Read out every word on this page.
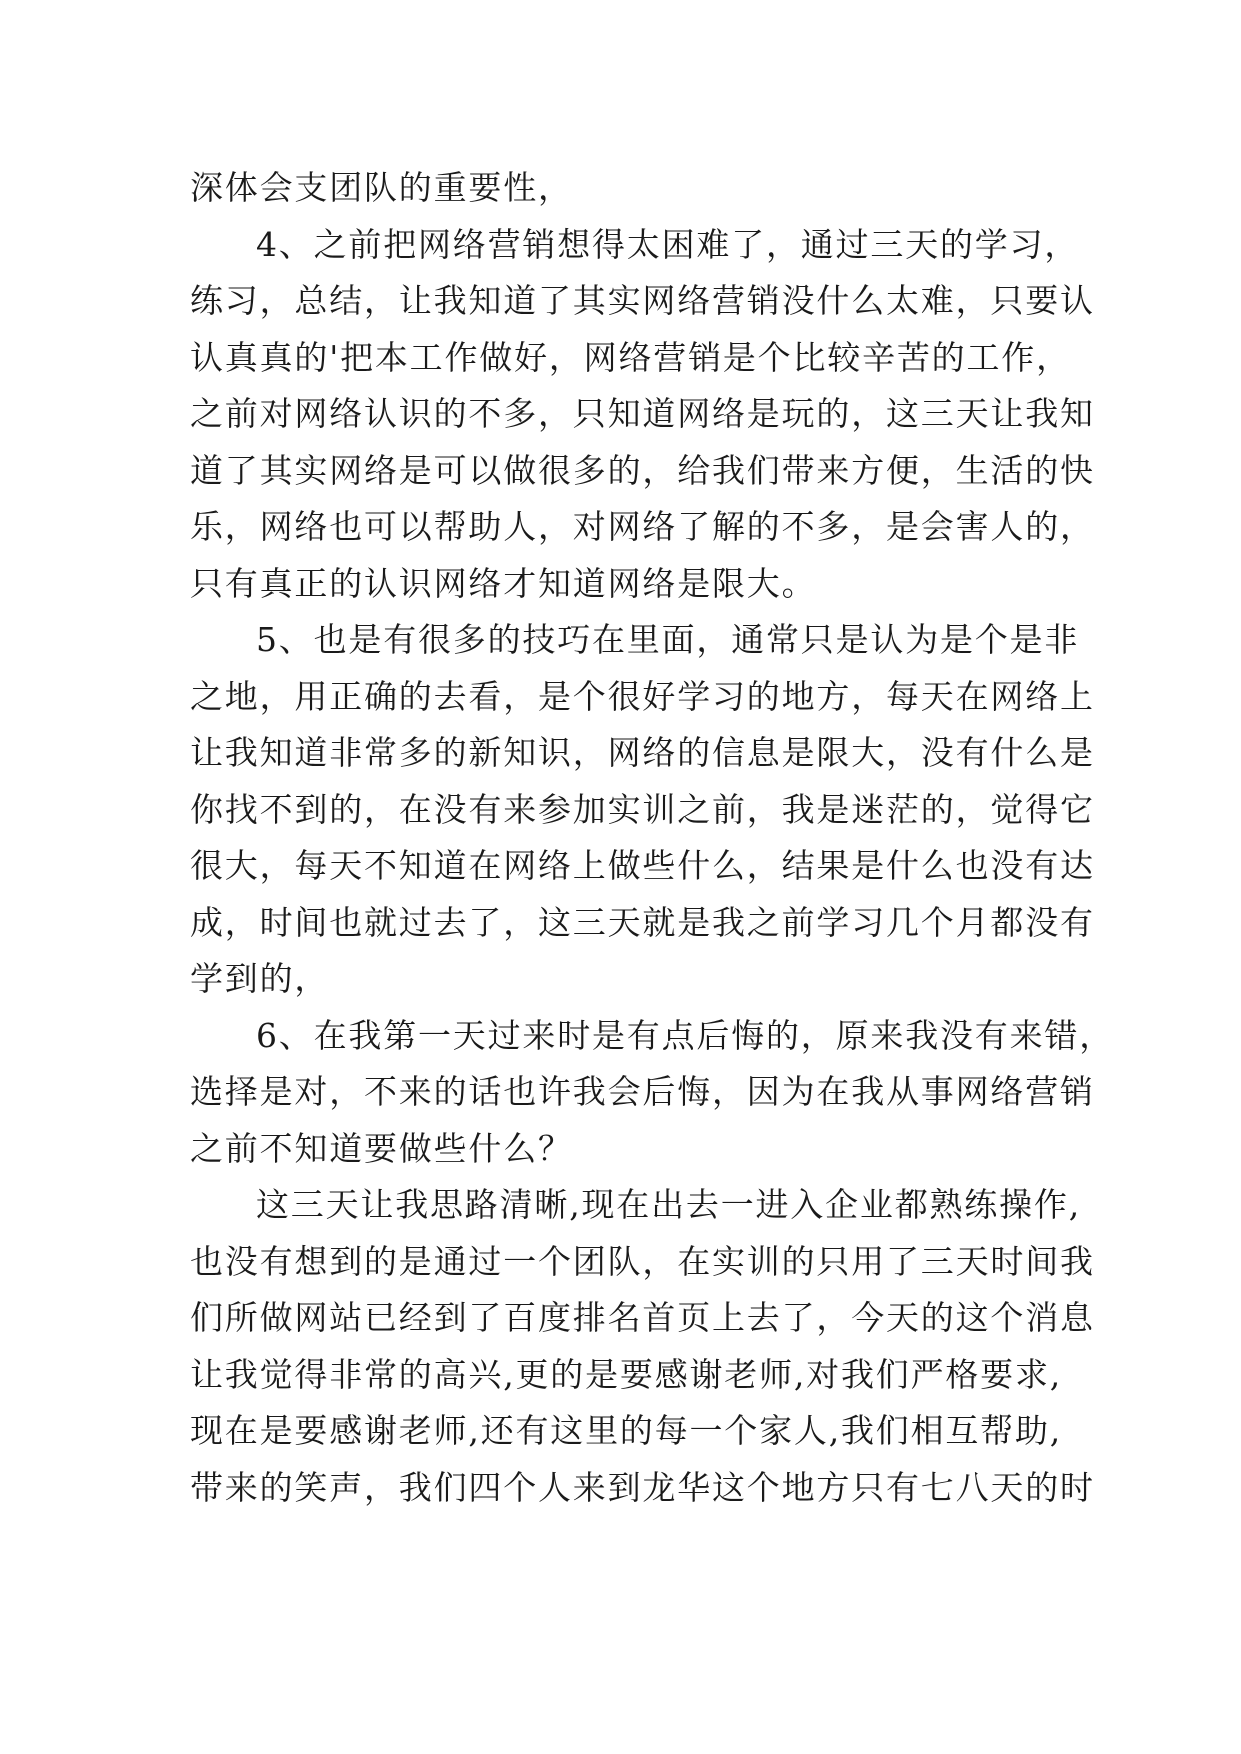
深体会支团队的重要性，
4、之前把网络营销想得太困难了，通过三天的学习，
练习，总结，让我知道了其实网络营销没什么太难，只要认
认真真的'把本工作做好，网络营销是个比较辛苦的工作，
之前对网络认识的不多，只知道网络是玩的，这三天让我知
道了其实网络是可以做很多的，给我们带来方便，生活的快
乐，网络也可以帮助人，对网络了解的不多，是会害人的，
只有真正的认识网络才知道网络是限大。
5、也是有很多的技巧在里面，通常只是认为是个是非
之地，用正确的去看，是个很好学习的地方，每天在网络上
让我知道非常多的新知识，网络的信息是限大，没有什么是
你找不到的，在没有来参加实训之前，我是迷茫的，觉得它
很大，每天不知道在网络上做些什么，结果是什么也没有达
成，时间也就过去了，这三天就是我之前学习几个月都没有
学到的，
6、在我第一天过来时是有点后悔的，原来我没有来错，
选择是对，不来的话也许我会后悔，因为在我从事网络营销
之前不知道要做些什么？
这三天让我思路清晰,现在出去一进入企业都熟练操作,
也没有想到的是通过一个团队，在实训的只用了三天时间我
们所做网站已经到了百度排名首页上去了，今天的这个消息
让我觉得非常的高兴,更的是要感谢老师,对我们严格要求,
现在是要感谢老师,还有这里的每一个家人,我们相互帮助,
带来的笑声，我们四个人来到龙华这个地方只有七八天的时
